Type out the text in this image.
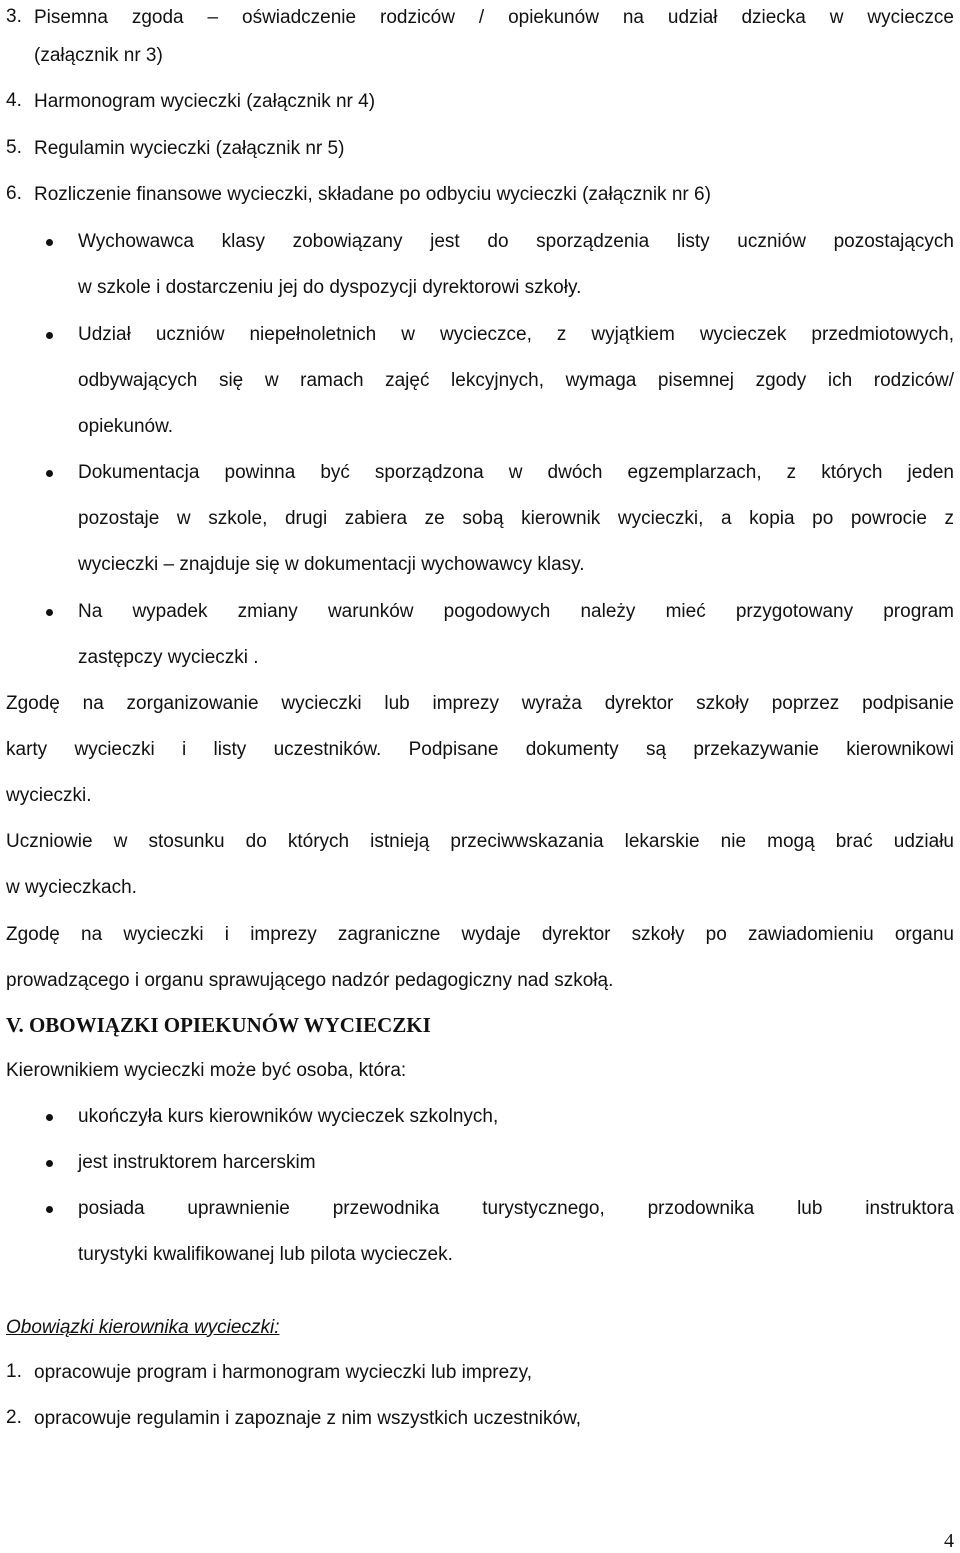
3. Pisemna zgoda – oświadczenie rodziców / opiekunów na udział dziecka w wycieczce
(załącznik nr 3)
4. Harmonogram wycieczki (załącznik nr 4)
5. Regulamin wycieczki (załącznik nr 5)
6. Rozliczenie finansowe wycieczki, składane po odbyciu wycieczki (załącznik nr 6)
Wychowawca klasy zobowiązany jest do sporządzenia listy uczniów pozostających
w szkole i dostarczeniu jej do dyspozycji dyrektorowi szkoły.
Udział uczniów niepełnoletnich w wycieczce, z wyjątkiem wycieczek przedmiotowych,
odbywających się w ramach zajęć lekcyjnych, wymaga pisemnej zgody ich rodziców/
opiekunów.
Dokumentacja powinna być sporządzona w dwóch egzemplarzach, z których jeden
pozostaje w szkole, drugi zabiera ze sobą kierownik wycieczki, a kopia po powrocie z
wycieczki – znajduje się w dokumentacji wychowawcy klasy.
Na wypadek zmiany warunków pogodowych należy mieć przygotowany program
zastępczy wycieczki .
Zgodę na zorganizowanie wycieczki lub imprezy wyraża dyrektor szkoły poprzez podpisanie
karty wycieczki i listy uczestników. Podpisane dokumenty są przekazywanie kierownikowi
wycieczki.
Uczniowie w stosunku do których istnieją przeciwwskazania lekarskie nie mogą brać udziału
w wycieczkach.
Zgodę na wycieczki i imprezy zagraniczne wydaje dyrektor szkoły po zawiadomieniu organu
prowadzącego i organu sprawującego nadzór pedagogiczny nad szkołą.
V. OBOWIĄZKI OPIEKUNÓW WYCIECZKI
Kierownikiem wycieczki może być osoba, która:
ukończyła kurs kierowników wycieczek szkolnych,
jest instruktorem harcerskim
posiada uprawnienie przewodnika turystycznego, przodownika lub instruktora
turystyki kwalifikowanej lub pilota wycieczek.
Obowiązki kierownika wycieczki:
1. opracowuje program i harmonogram wycieczki lub imprezy,
2. opracowuje regulamin i zapoznaje z nim wszystkich uczestników,
4
